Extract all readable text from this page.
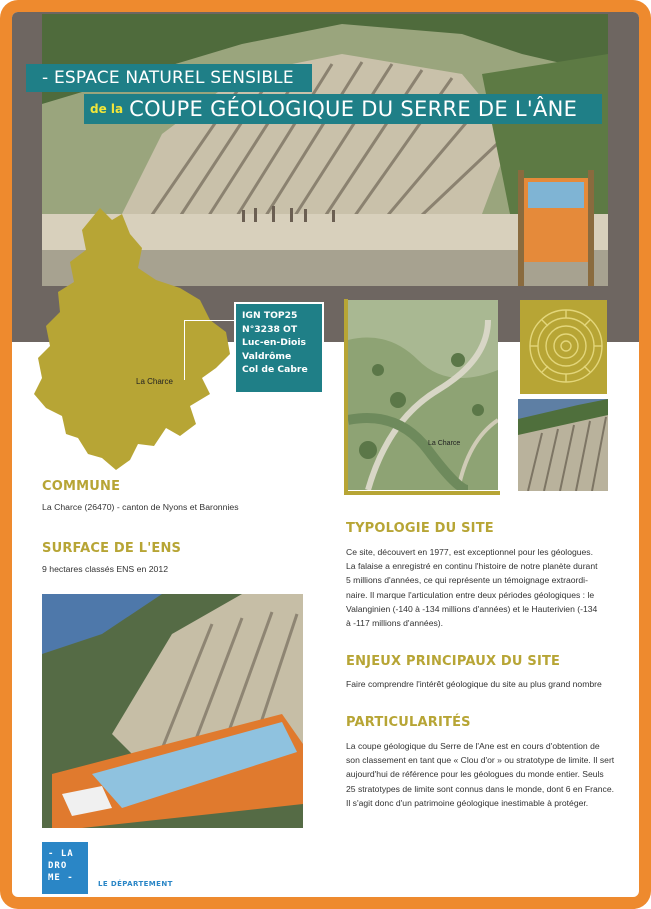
- ESPACE NATUREL SENSIBLE
$^{de la}$ COUPE GÉOLOGIQUE DU SERRE DE L'ÂNE
La Charce
IGN TOP25
N°3238 OT
Luc-en-Diois
Valdrôme
Col de Cabre
La Charce
COMMUNE
La Charce (26470) - canton de Nyons et Baronnies
SURFACE DE L'ENS
9 hectares classés ENS en 2012
TYPOLOGIE DU SITE
Ce site, découvert en 1977, est exceptionnel pour les géologues.
La falaise a enregistré en continu l'histoire de notre planète durant
5 millions d'années, ce qui représente un témoignage extraordi-
naire. Il marque l'articulation entre deux périodes géologiques : le
Valanginien (-140 à -134 millions d'années) et le Hauterivien (-134
à -117 millions d'années).
ENJEUX PRINCIPAUX DU SITE
Faire comprendre l'intérêt géologique du site au plus grand nombre
PARTICULARITÉS
La coupe géologique du Serre de l'Ane est en cours d'obtention de
son classement en tant que « Clou d'or » ou stratotype de limite. Il sert
aujourd'hui de référence pour les géologues du monde entier. Seuls
25 stratotypes de limite sont connus dans le monde, dont 6 en France.
Il s'agit donc d'un patrimoine géologique inestimable à protéger.
- LA
DRO
ME -
LE DÉPARTEMENT
